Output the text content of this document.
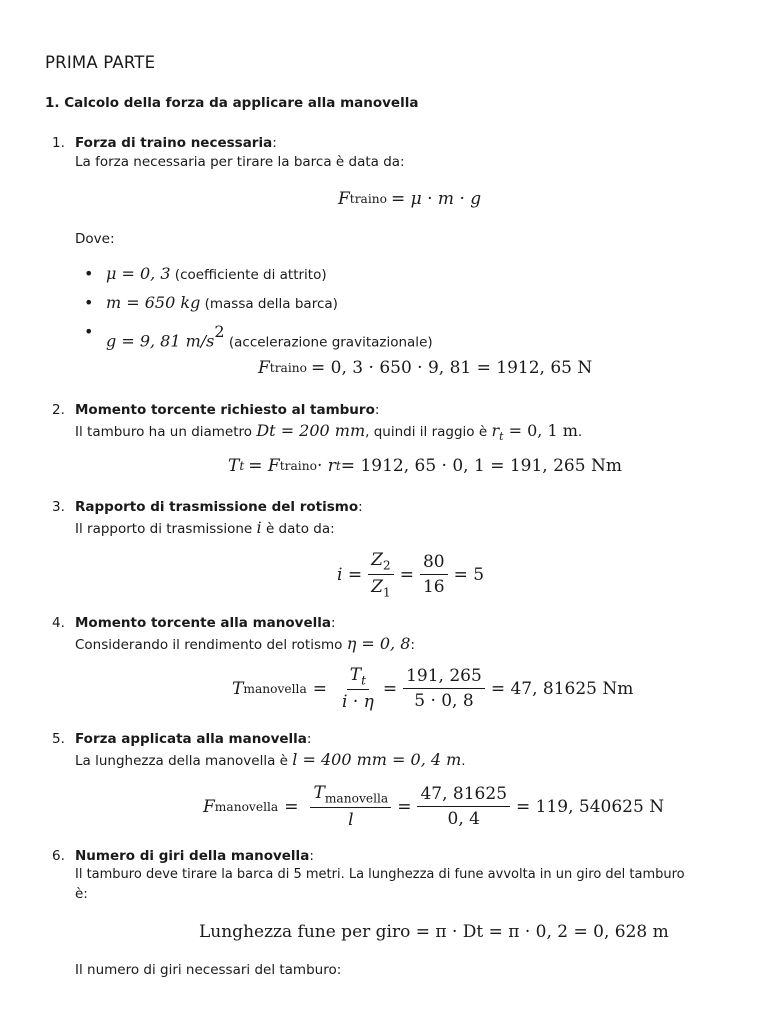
PRIMA PARTE
1. Calcolo della forza da applicare alla manovella
1. Forza di traino necessaria:
La forza necessaria per tirare la barca è data da:
F traino = μ · m · g
Dove:
• μ = 0, 3 (coefficiente di attrito)
• m = 650 kg (massa della barca)
• g = 9, 81 m/s2 (accelerazione gravitazionale)
F traino = 0, 3 · 650 · 9, 81 = 1912, 65 N
2. Momento torcente richiesto al tamburo:
Il tamburo ha un diametro Dt = 200 mm, quindi il raggio è $r_t = 0$, 1 m.
T t = F traino · r t = 1912, 65 · 0, 1 = 191, 265 Nm
3. Rapporto di trasmissione del rotismo:
Il rapporto di trasmissione i è dato da:
$i = \frac{Z_2}{Z_1} = \frac{80}{16} = 5$
4. Momento torcente alla manovella:
Considerando il rendimento del rotismo η = 0, 8:
T manovella = $\frac{T_t}{i \cdot \eta} = \frac{191, 265}{5 \cdot 0, 8} = 47$, 81625 Nm
5. Forza applicata alla manovella:
La lunghezza della manovella è l = 400 mm = 0, 4 m.
F manovella = $\frac{T_{manovella}}{l} = \frac{47, 81625}{0, 4} = 119$, 540625 N
6. Numero di giri della manovella:
Il tamburo deve tirare la barca di 5 metri. La lunghezza di fune avvolta in un giro del tamburo
è:
Lunghezza fune per giro = π · Dt = π · 0, 2 = 0, 628 m
Il numero di giri necessari del tamburo:
